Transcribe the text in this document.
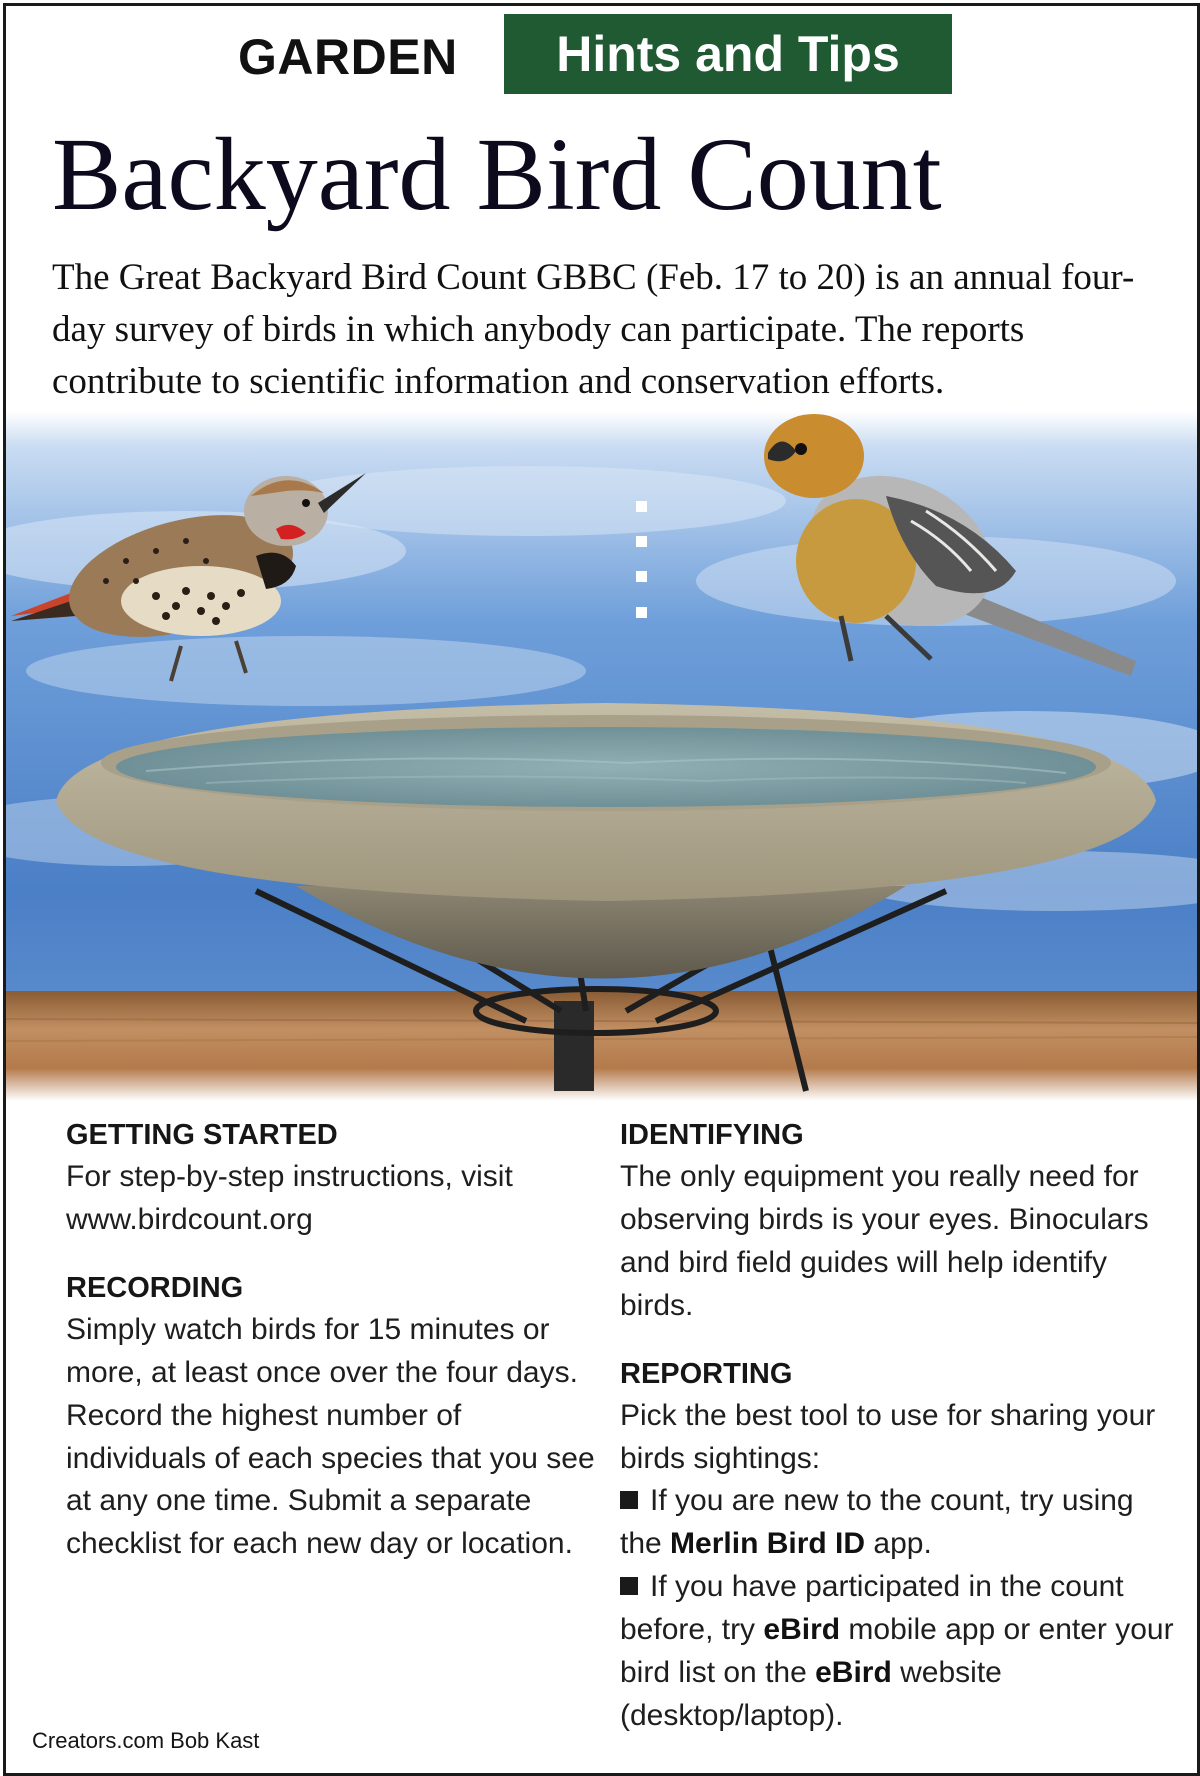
GARDEN	Hints and Tips
Backyard Bird Count

The Great Backyard Bird Count GBBC (Feb. 17 to 20) is an annual four-day survey of birds in which anybody can participate. The reports contribute to scientific information and conservation efforts.

GETTING STARTED

For step-by-step instructions, visit
www.birdcount.org

RECORDING

Simply watch birds for 15 minutes or more, at least once over the four days. Record the highest number of individuals of each species that you see at any one time. Submit a separate checklist for each new day or location.

IDENTIFYING

The only equipment you really need for observing birds is your eyes. Binoculars and bird field guides will help identify birds.

REPORTING

Pick the best tool to use for sharing your birds sightings:

If you are new to the count, try using the Merlin Bird ID app.

If you have participated in the count before, try eBird mobile app or enter your bird list on the eBird website (desktop/laptop).

Creators.com Bob Kast
